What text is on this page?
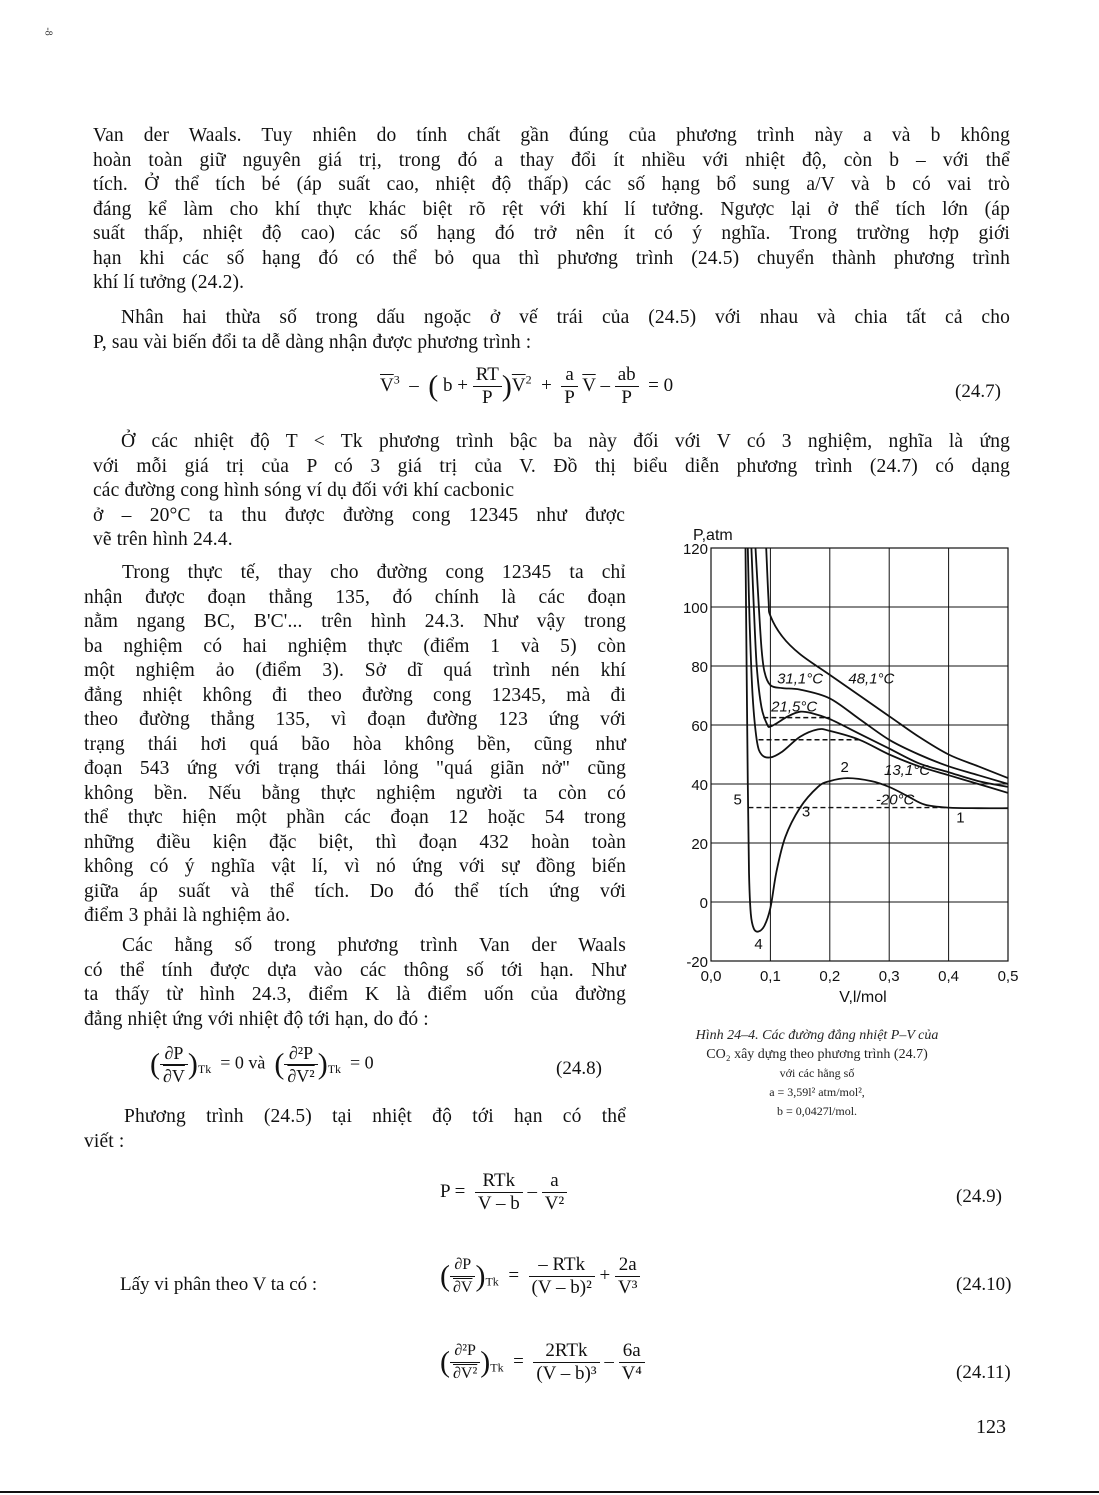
-8
Van der Waals. Tuy nhiên do tính chất gần đúng của phương trình này a và b không
hoàn toàn giữ nguyên giá trị, trong đó a thay đổi ít nhiều với nhiệt độ, còn b – với thể
tích. Ở thể tích bé (áp suất cao, nhiệt độ thấp) các số hạng bổ sung a/V và b có vai trò
đáng kể làm cho khí thực khác biệt rõ rệt với khí lí tưởng. Ngược lại ở thể tích lớn (áp
suất thấp, nhiệt độ cao) các số hạng đó trở nên ít có ý nghĩa. Trong trường hợp giới
hạn khi các số hạng đó có thể bỏ qua thì phương trình (24.5) chuyển thành phương trình
khí lí tưởng (24.2).
Nhân hai thừa số trong dấu ngoặc ở vế trái của (24.5) với nhau và chia tất cả cho
P, sau vài biến đổi ta dễ dàng nhận được phương trình :
$\overline{V}^3$ – ( $b + \frac{RT}{P} )\overline{V}^2 + \frac{a}{P} \overline{V} - \frac{ab}{P} = 0$	(24.7)
Ở các nhiệt độ T < Tk phương trình bậc ba này đối với V có 3 nghiệm, nghĩa là ứng
với mỗi giá trị của P có 3 giá trị của V. Đồ thị biểu diễn phương trình (24.7) có dạng
các đường cong hình sóng ví dụ đối với khí cacbonic
ở – 20°C ta thu được đường cong 12345 như được
vẽ trên hình 24.4.
Trong thực tế, thay cho đường cong 12345 ta chỉ
nhận được đoạn thẳng 135, đó chính là các đoạn
nằm ngang BC, B'C'... trên hình 24.3. Như vậy trong
ba nghiệm có hai nghiệm thực (điểm 1 và 5) còn
một nghiệm ảo (điểm 3). Sở dĩ quá trình nén khí
đẳng nhiệt không đi theo đường cong 12345, mà đi
theo đường thẳng 135, vì đoạn đường 123 ứng với
trạng thái hơi quá bão hòa không bền, cũng như
đoạn 543 ứng với trạng thái lỏng "quá giãn nở" cũng
không bền. Nếu bằng thực nghiệm người ta còn có
thể thực hiện một phần các đoạn 12 hoặc 54 trong
những điều kiện đặc biệt, thì đoạn 432 hoàn toàn
không có ý nghĩa vật lí, vì nó ứng với sự đồng biến
giữa áp suất và thể tích. Do đó thể tích ứng với
điểm 3 phải là nghiệm ảo.
Các hằng số trong phương trình Van der Waals
có thể tính được dựa vào các thông số tới hạn. Như
ta thấy từ hình 24.3, điểm K là điểm uốn của đường
đẳng nhiệt ứng với nhiệt độ tới hạn, do đó :
( $\frac{\partial P}{\partial V} )_{Tk} = 0$ và ( $\frac{\text{∂²P}}{\text{∂V²}} )_{Tk} = 0$	(24.8)
Phương trình (24.5) tại nhiệt độ tới hạn có thể
viết :
$P = \frac{\text{RTk}}{V - b} - \frac{a}{\text{V²}}$	(24.9)
Lấy vi phân theo V ta có :	( $\frac{\partial P}{\partial V} )_{Tk} = \frac{\text{– RTk}}{\text{(V – b)²}} + \frac{2a}{\text{V³}}$	(24.10)
( $\frac{\text{∂²P}}{\text{∂V²}} )_{Tk} = \frac{\text{2RTk}}{\text{(V – b)³}} - \frac{6a}{\text{V⁴}}$	(24.11)
123
0,0	0,1	0,2	0,3	0,4	0,5
120
100
80
60
40
20
0
-20
48,1°C
31,1°C
21,5°C
13,1°C
-20°C
1
2
3
4
5
P,atm
V,l/mol
Hình 24–4. Các đường đẳng nhiệt P–V của
CO₂ xây dựng theo phương trình (24.7)
với các hằng số
a = 3,59l² atm/mol²,
b = 0,0427l/mol.
